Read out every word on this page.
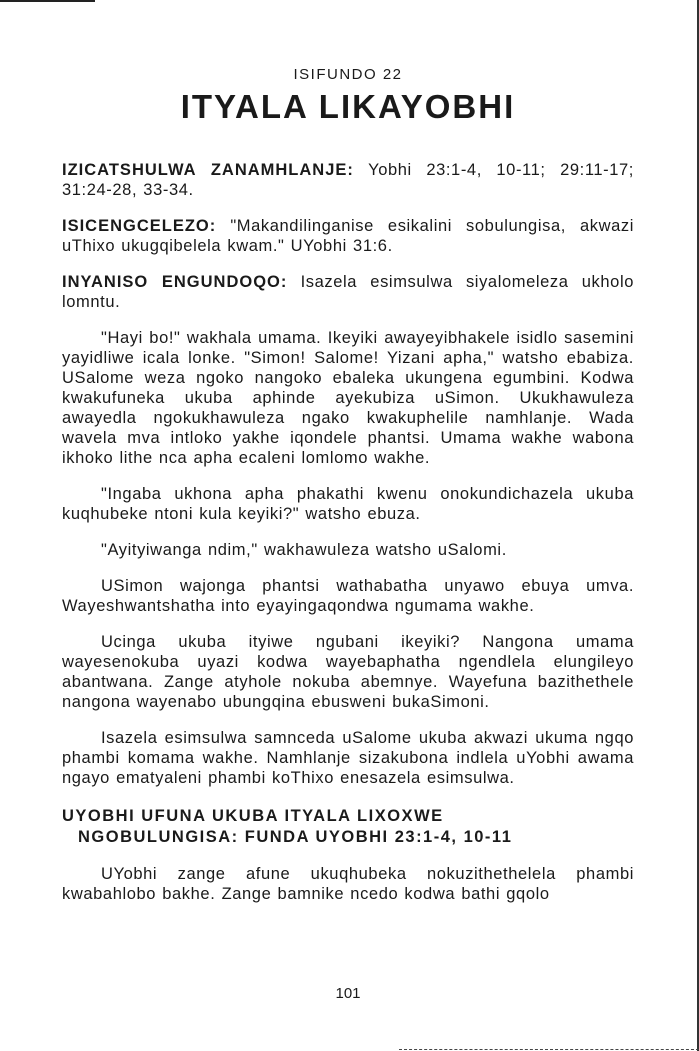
ISIFUNDO 22
ITYALA LIKAYOBHI

IZICATSHULWA ZANAMHLANJE: Yobhi 23:1-4, 10-11; 29:11-17; 31:24-28, 33-34.

ISICENGCELEZO: "Makandilinganise esikalini sobulungisa, akwazi uThixo ukugqibelela kwam." UYobhi 31:6.

INYANISO ENGUNDOQO: Isazela esimsulwa siyalomeleza ukholo lomntu.

"Hayi bo!" wakhala umama. Ikeyiki awayeyibhakele isidlo sasemini yayidliwe icala lonke. "Simon! Salome! Yizani apha," watsho ebabiza. USalome weza ngoko nangoko ebaleka ukungena egumbini. Kodwa kwakufuneka ukuba aphinde ayekubiza uSimon. Ukukhawuleza awayedla ngokukhawuleza ngako kwakuphelile namhlanje. Wada wavela mva intloko yakhe iqondele phantsi. Umama wakhe wabona ikhoko lithe nca apha ecaleni lomlomo wakhe.

"Ingaba ukhona apha phakathi kwenu onokundichazela ukuba kuqhubeke ntoni kula keyiki?" watsho ebuza.

"Ayityiwanga ndim," wakhawuleza watsho uSalomi.

USimon wajonga phantsi wathabatha unyawo ebuya umva. Wayeshwantshatha into eyayingaqondwa ngumama wakhe.

Ucinga ukuba ityiwe ngubani ikeyiki? Nangona umama wayesenokuba uyazi kodwa wayebaphatha ngendlela elungileyo abantwana. Zange atyhole nokuba abemnye. Wayefuna bazithethele nangona wayenabo ubungqina ebusweni bukaSimoni.

Isazela esimsulwa samnceda uSalome ukuba akwazi ukuma ngqo phambi komama wakhe. Namhlanje sizakubona indlela uYobhi awama ngayo ematyaleni phambi koThixo enesazela esimsulwa.

UYOBHI UFUNA UKUBA ITYALA LIXOXWE
NGOBULUNGISA: FUNDA UYOBHI 23:1-4, 10-11

UYobhi zange afune ukuqhubeka nokuzithethelela phambi kwabahlobo bakhe. Zange bamnike ncedo kodwa bathi gqolo

101
